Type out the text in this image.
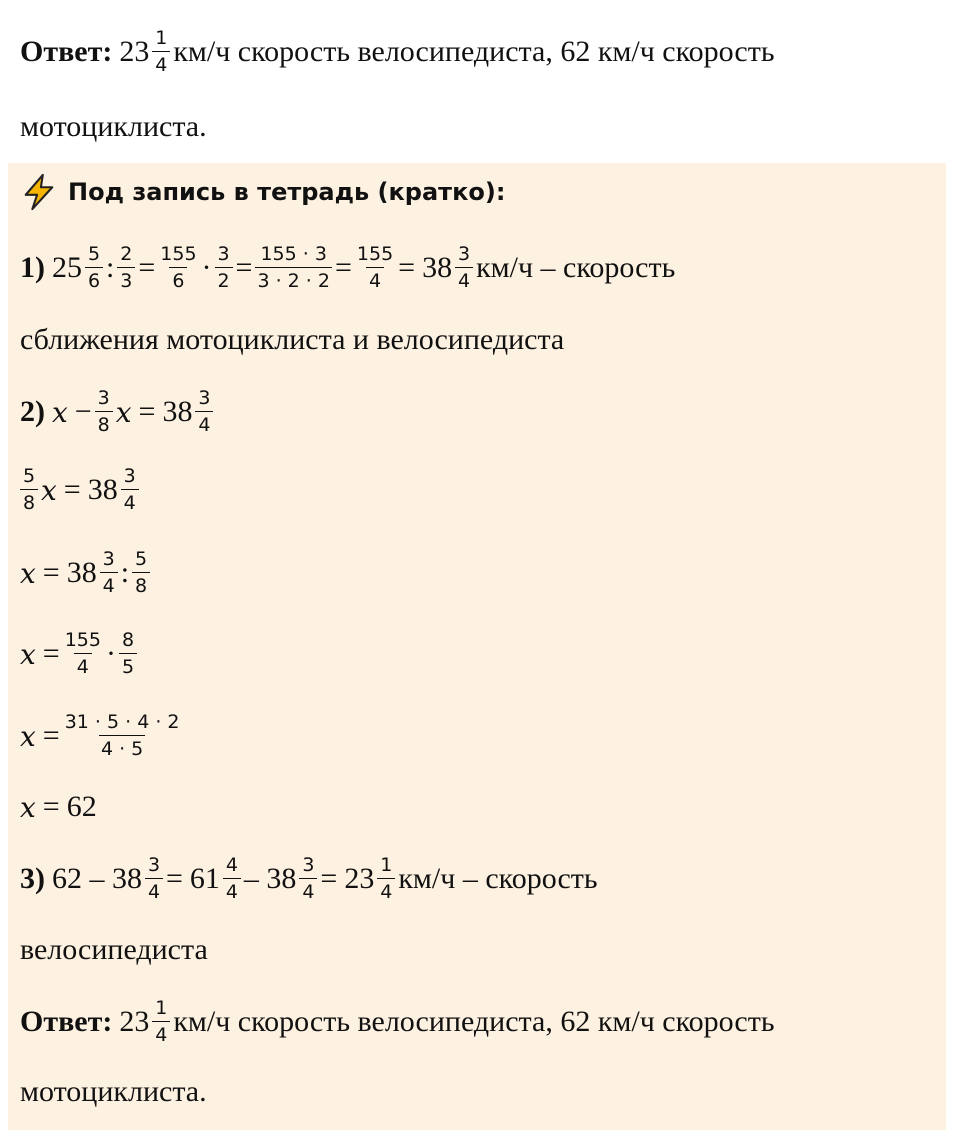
Ответ: $23 \frac{1}{4} км/ч$ скорость велосипедиста, 62 км/ч скорость
мотоциклиста.
Под запись в тетрадь (кратко):
1) $25 \frac{5}{6}$ : $\frac{2}{3} = \frac{155}{6} \cdot \frac{3}{2} = \frac{155 \cdot 3}{3 \cdot 2 \cdot 2} = \frac{155}{4} = 38 \frac{3}{4} км/ч$ – скорость
сближения мотоциклиста и велосипедиста
2) $x - \frac{3}{8}$ $x = 38 \frac{3}{4}$
$\frac{5}{8}$ $x = 38 \frac{3}{4}$
$x = 38 \frac{3}{4}$ : $\frac{5}{8}$
$x = \frac{155}{4} \cdot \frac{8}{5}$
$x = \frac{31 \cdot 5 \cdot 4 \cdot 2}{4 \cdot 5}$
x = 62
3) $62 - 38 \frac{3}{4} = 61 \frac{4}{4} - 38 \frac{3}{4} = 23 \frac{1}{4} км/ч$ – скорость
велосипедиста
Ответ: $23 \frac{1}{4} км/ч$ скорость велосипедиста, 62 км/ч скорость
мотоциклиста.
